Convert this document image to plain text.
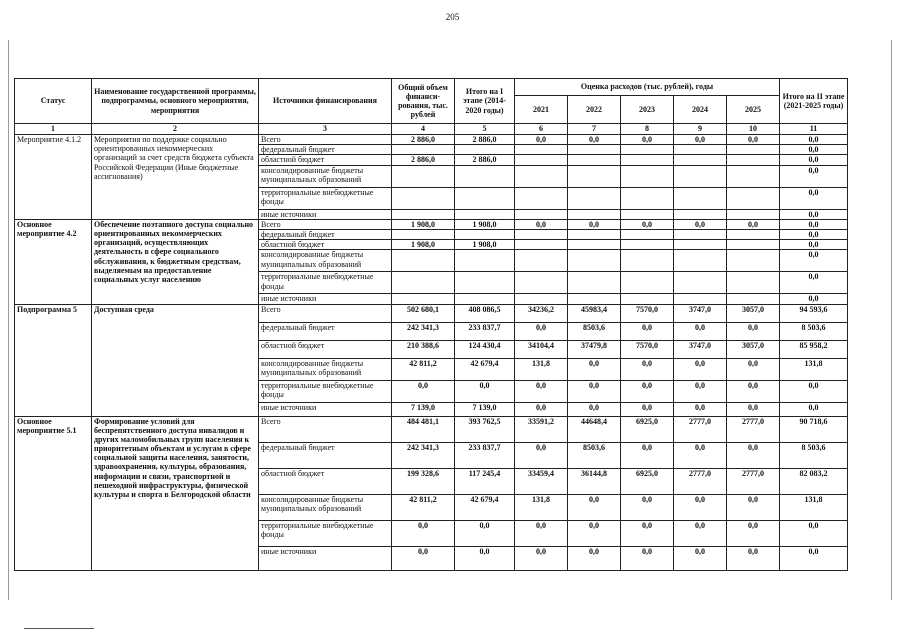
205
Статус	Наименование государственной программы, подпрограммы, основного мероприятия, мероприятия	Источники финансирования	Общий объем финанси-рования, тыс. рублей	Итого на I этапе (2014-2020 годы)	Оценка расходов (тыс. рублей), годы					Итого на II этапе (2021-2025 годы)
					2021	2022	2023	2024	2025	
1	2	3	4	5	6	7	8	9	10	11
Мероприятие 4.1.2	Мероприятия по поддержке социально ориентированных некоммерческих организаций за счет средств бюджета субъекта Российской Федерации (Иные бюджетные ассигнования)	Всего	2 886,0	2 886,0	0,0	0,0	0,0	0,0	0,0	0,0
		федеральный бюджет								0,0
		областной бюджет	2 886,0	2 886,0						0,0
		консолидированные бюджеты муниципальных образований								0,0
		территориальные внебюджетные фонды								0,0
		иные источники								0,0
Основное мероприятие 4.2	Обеспечение поэтапного доступа социально ориентированных некоммерческих организаций, осуществляющих деятельность в сфере социального обслуживания, к бюджетным средствам, выделяемым на предоставление социальных услуг населению	Всего	1 908,0	1 908,0	0,0	0,0	0,0	0,0	0,0	0,0
		федеральный бюджет								0,0
		областной бюджет	1 908,0	1 908,0						0,0
		консолидированные бюджеты муниципальных образований								0,0
		территориальные внебюджетные фонды								0,0
		иные источники								0,0
Подпрограмма 5	Доступная среда	Всего	502 680,1	408 086,5	34236,2	45983,4	7570,0	3747,0	3057,0	94 593,6
		федеральный бюджет	242 341,3	233 837,7	0,0	8503,6	0,0	0,0	0,0	8 503,6
		областной бюджет	210 388,6	124 430,4	34104,4	37479,8	7570,0	3747,0	3057,0	85 958,2
		консолидированные бюджеты муниципальных образований	42 811,2	42 679,4	131,8	0,0	0,0	0,0	0,0	131,8
		территориальные внебюджетные фонды	0,0	0,0	0,0	0,0	0,0	0,0	0,0	0,0
		иные источники	7 139,0	7 139,0	0,0	0,0	0,0	0,0	0,0	0,0
Основное мероприятие 5.1	Формирование условий для беспрепятственного доступа инвалидов и других маломобильных групп населения к приоритетным объектам и услугам в сфере социальной защиты населения, занятости, здравоохранения, культуры, образования, информации и связи, транспортной и пешеходной инфраструктуры, физической культуры и спорта в Белгородской области	Всего	484 481,1	393 762,5	33591,2	44648,4	6925,0	2777,0	2777,0	90 718,6
		федеральный бюджет	242 341,3	233 837,7	0,0	8503,6	0,0	0,0	0,0	8 503,6
		областной бюджет	199 328,6	117 245,4	33459,4	36144,8	6925,0	2777,0	2777,0	82 083,2
		консолидированные бюджеты муниципальных образований	42 811,2	42 679,4	131,8	0,0	0,0	0,0	0,0	131,8
		территориальные внебюджетные фонды	0,0	0,0	0,0	0,0	0,0	0,0	0,0	0,0
		иные источники	0,0	0,0	0,0	0,0	0,0	0,0	0,0	0,0
